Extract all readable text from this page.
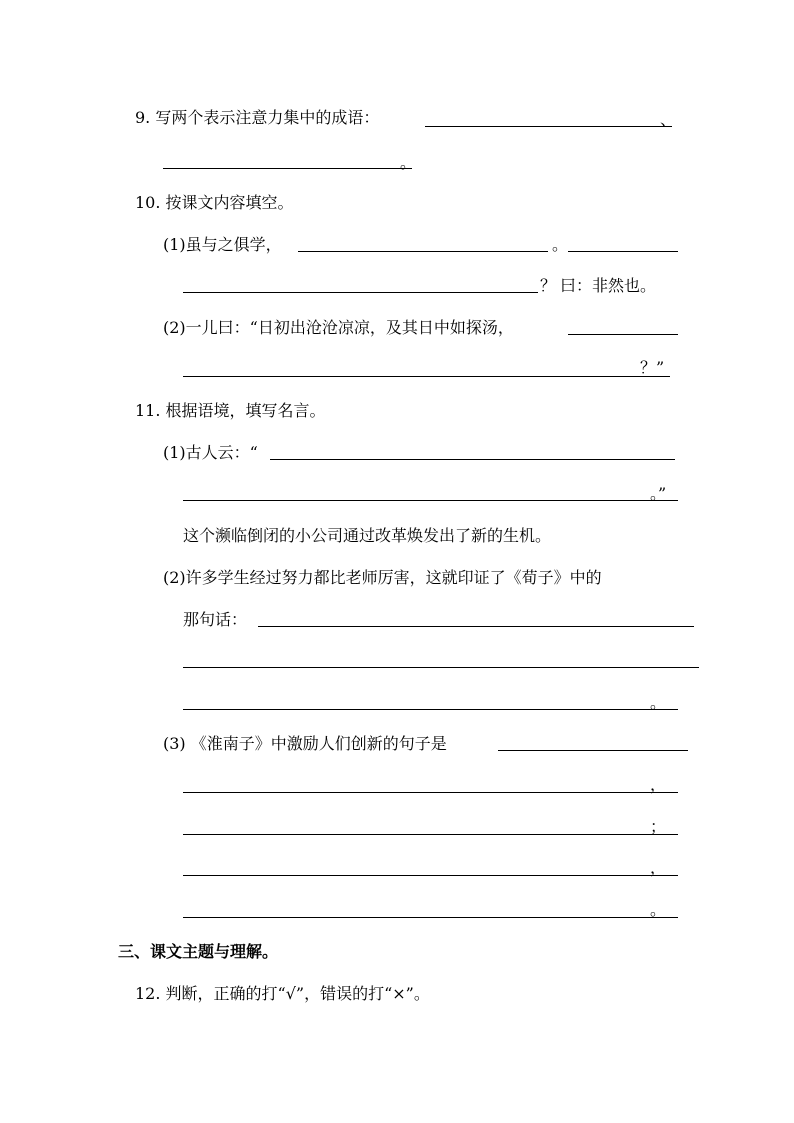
9. 写两个表示注意力集中的成语：	、
。
10. 按课文内容填空。
(1)虽与之俱学，	。
？ 曰：非然也。
(2)一儿曰：“日初出沧沧凉凉，及其日中如探汤，
？”
11. 根据语境，填写名言。
(1)古人云：“
。”
这个濒临倒闭的小公司通过改革焕发出了新的生机。
(2)许多学生经过努力都比老师厉害，这就印证了《荀子》中的
那句话：
。
(3) 《淮南子》中激励人们创新的句子是
，
；
，
。
三、课文主题与理解。
12. 判断，正确的打“√”，错误的打“×”。
